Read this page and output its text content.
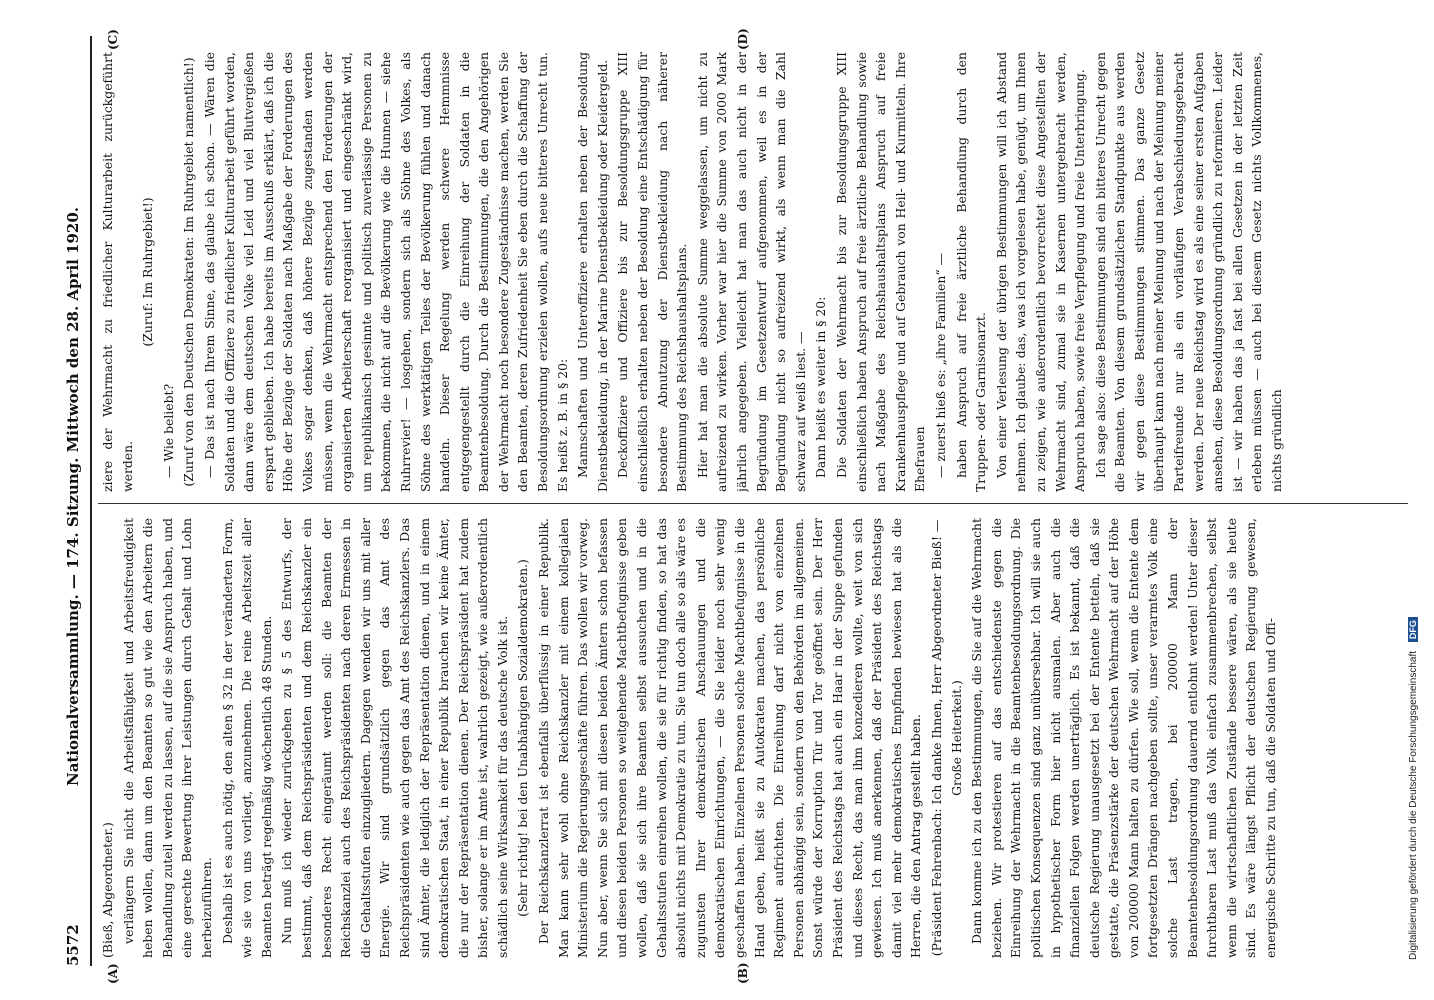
5572
Nationalversammlung. — 174. Sitzung. Mittwoch den 28. April 1920.
(A)	(B)
(C)	(D)

(Bieß, Abgeordneter.) verlängern Sie nicht die Arbeitsfähigkeit und Arbeitsfreudigkeit heben wollen, dann um den Beamten so gut wie den Arbeitern die Behandlung zuteil werden zu lassen, auf die sie Anspruch haben, und eine gerechte Bewertung ihrer Leistungen durch Gehalt und Lohn herbeizuführen. Deshalb ist es auch nötig, den alten § 32 in der veränderten Form, wie sie von uns vorliegt, anzunehmen. Die reine Arbeitszeit aller Beamten beträgt regelmäßig wöchentlich 48 Stunden. Nun muß ich wieder zurückgehen zu § 5 des Entwurfs, der bestimmt, daß dem Reichspräsidenten und dem Reichskanzler ein besonderes Recht eingeräumt werden soll: die Beamten der Reichskanzlei auch des Reichspräsidenten nach deren Ermessen in die Gehaltsstufen einzugliedern. Dagegen wenden wir uns mit aller Energie. Wir sind grundsätzlich gegen das Amt des Reichspräsidenten wie auch gegen das Amt des Reichskanzlers. Das sind Ämter, die lediglich der Repräsentation dienen, und in einem demokratischen Staat, in einer Republik brauchen wir keine Ämter, die nur der Repräsentation dienen. Der Reichspräsident hat zudem bisher, solange er im Amte ist, wahrlich gezeigt, wie außerordentlich schädlich seine Wirksamkeit für das deutsche Volk ist. (Sehr richtig! bei den Unabhängigen Sozialdemokraten.) Der Reichskanzlerrat ist ebenfalls überflüssig in einer Republik. Man kann sehr wohl ohne Reichskanzler mit einem kollegialen Ministerium die Regierungsgeschäfte führen. Das wollen wir vorweg. Nun aber, wenn Sie sich mit diesen beiden Ämtern schon befassen und diesen beiden Personen so weitgehende Machtbefugnisse geben wollen, daß sie sich ihre Beamten selbst aussuchen und in die Gehaltsstufen einreihen wollen, die sie für richtig finden, so hat das absolut nichts mit Demokratie zu tun. Sie tun doch alle so als wäre es zugunsten Ihrer demokratischen Anschauungen und die demokratischen Einrichtungen, — die Sie leider noch sehr wenig geschaffen haben. Einzelnen Personen solche Machtbefugnisse in die Hand geben, heißt sie zu Autokraten machen, das persönliche Regiment aufrichten. Die Einreihung darf nicht von einzelnen Personen abhängig sein, sondern von den Behörden im allgemeinen. Sonst würde der Korruption Tür und Tor geöffnet sein. Der Herr Präsident des Reichstags hat auch ein Haar in der Suppe gefunden und dieses Recht, das man ihm konzedieren wollte, weit von sich gewiesen. Ich muß anerkennen, daß der Präsident des Reichstags damit viel mehr demokratisches Empfinden bewiesen hat als die Herren, die den Antrag gestellt haben. (Präsident Fehrenbach: Ich danke Ihnen, Herr Abgeordneter Bieß! — Große Heiterkeit.) Dann komme ich zu den Bestimmungen, die Sie auf die Wehrmacht beziehen. Wir protestieren auf das entschiedenste gegen die Einreihung der Wehrmacht in die Beamtenbesoldungsordnung. Die politischen Konsequenzen sind ganz unübersehbar. Ich will sie auch in hypothetischer Form hier nicht ausmalen. Aber auch die finanziellen Folgen werden unerträglich. Es ist bekannt, daß die deutsche Regierung unausgesetzt bei der Entente betteln, daß sie gestatte, die Präsenzstärke der deutschen Wehrmacht auf der Höhe von 200000 Mann halten zu dürfen. Wie soll, wenn die Entente dem fortgesetzten Drängen nachgeben sollte, unser verarmtes Volk eine solche Last tragen, bei 200000 Mann der Beamtenbesoldungsordnung dauernd entlohnt werden! Unter dieser furchtbaren Last muß das Volk einfach zusammenbrechen, selbst wenn die wirtschaftlichen Zustände bessere wären, als sie heute sind. Es wäre längst Pflicht der deutschen Regierung gewesen, energische Schritte zu tun, daß die Soldaten und Offi-

ziere der Wehrmacht zu friedlicher Kulturarbeit zurückgeführt werden.

(Zuruf: Im Ruhrgebiet!)

— Wie beliebt? (Zuruf von den Deutschen Demokraten: Im Ruhrgebiet namentlich!) — Das ist nach Ihrem Sinne, das glaube ich schon. — Wären die Soldaten und die Offiziere zu friedlicher Kulturarbeit geführt worden, dann wäre dem deutschen Volke viel Leid und viel Blutvergießen erspart geblieben. Ich habe bereits im Ausschuß erklärt, daß ich die Höhe der Bezüge der Soldaten nach Maßgabe der Forderungen des Volkes sogar denken, daß höhere Bezüge zugestanden werden müssen, wenn die Wehrmacht entsprechend den Forderungen der organisierten Arbeiterschaft reorganisiert und eingeschränkt wird, um republikanisch gesinnte und politisch zuverlässige Personen zu bekommen, die nicht auf die Bevölkerung wie die Hunnen — siehe Ruhrrevier! — losgehen, sondern sich als Söhne des Volkes, als Söhne des werktätigen Teiles der Bevölkerung fühlen und danach handeln. Dieser Regelung werden schwere Hemmnisse entgegengestellt durch die Einreihung der Soldaten in die Beamtenbesoldung. Durch die Bestimmungen, die den Angehörigen der Wehrmacht noch besondere Zugeständnisse machen, werden Sie den Beamten, deren Zufriedenheit Sie eben durch die Schaffung der Besoldungsordnung erzielen wollen, aufs neue bitteres Unrecht tun. Es heißt z. B. in § 20: Mannschaften und Unteroffiziere erhalten neben der Besoldung Dienstbekleidung, in der Marine Dienstbekleidung oder Kleidergeld. Deckoffiziere und Offiziere bis zur Besoldungsgruppe XIII einschließlich erhalten neben der Besoldung eine Entschädigung für besondere Abnutzung der Dienstbekleidung nach näherer Bestimmung des Reichshaushaltsplans. Hier hat man die absolute Summe weggelassen, um nicht zu aufreizend zu wirken. Vorher war hier die Summe von 2000 Mark jährlich angegeben. Vielleicht hat man das auch nicht in der Begründung im Gesetzentwurf aufgenommen, weil es in der Begründung nicht so aufreizend wirkt, als wenn man die Zahl schwarz auf weiß liest. — Dann heißt es weiter in § 20: Die Soldaten der Wehrmacht bis zur Besoldungsgruppe XIII einschließlich haben Anspruch auf freie ärztliche Behandlung sowie nach Maßgabe des Reichshaushaltsplans Anspruch auf freie Krankenhauspflege und auf Gebrauch von Heil- und Kurmitteln. Ihre Ehefrauen — zuerst hieß es: „ihre Familien“ — haben Anspruch auf freie ärztliche Behandlung durch den Truppen- oder Garnisonarzt. Von einer Verlesung der übrigen Bestimmungen will ich Abstand nehmen. Ich glaube: das, was ich vorgelesen habe, genügt, um Ihnen zu zeigen, wie außerordentlich bevorrechtet diese Angestellten der Wehrmacht sind, zumal sie in Kasernen untergebracht werden, Anspruch haben, sowie freie Verpflegung und freie Unterbringung. Ich sage also: diese Bestimmungen sind ein bitteres Unrecht gegen die Beamten. Von diesem grundsätzlichen Standpunkte aus werden wir gegen diese Bestimmungen stimmen. Das ganze Gesetz überhaupt kann nach meiner Meinung und nach der Meinung meiner Parteifreunde nur als ein vorläufigen Verabschiedungsgebracht werden. Der neue Reichstag wird es als eine seiner ersten Aufgaben ansehen, diese Besoldungsordnung gründlich zu reformieren. Leider ist — wir haben das ja fast bei allen Gesetzen in der letzten Zeit erleben müssen — auch bei diesem Gesetz nichts Vollkommenes, nichts gründlich

Digitalisierung gefördert durch die Deutsche Forschungsgemeinschaft DFG
